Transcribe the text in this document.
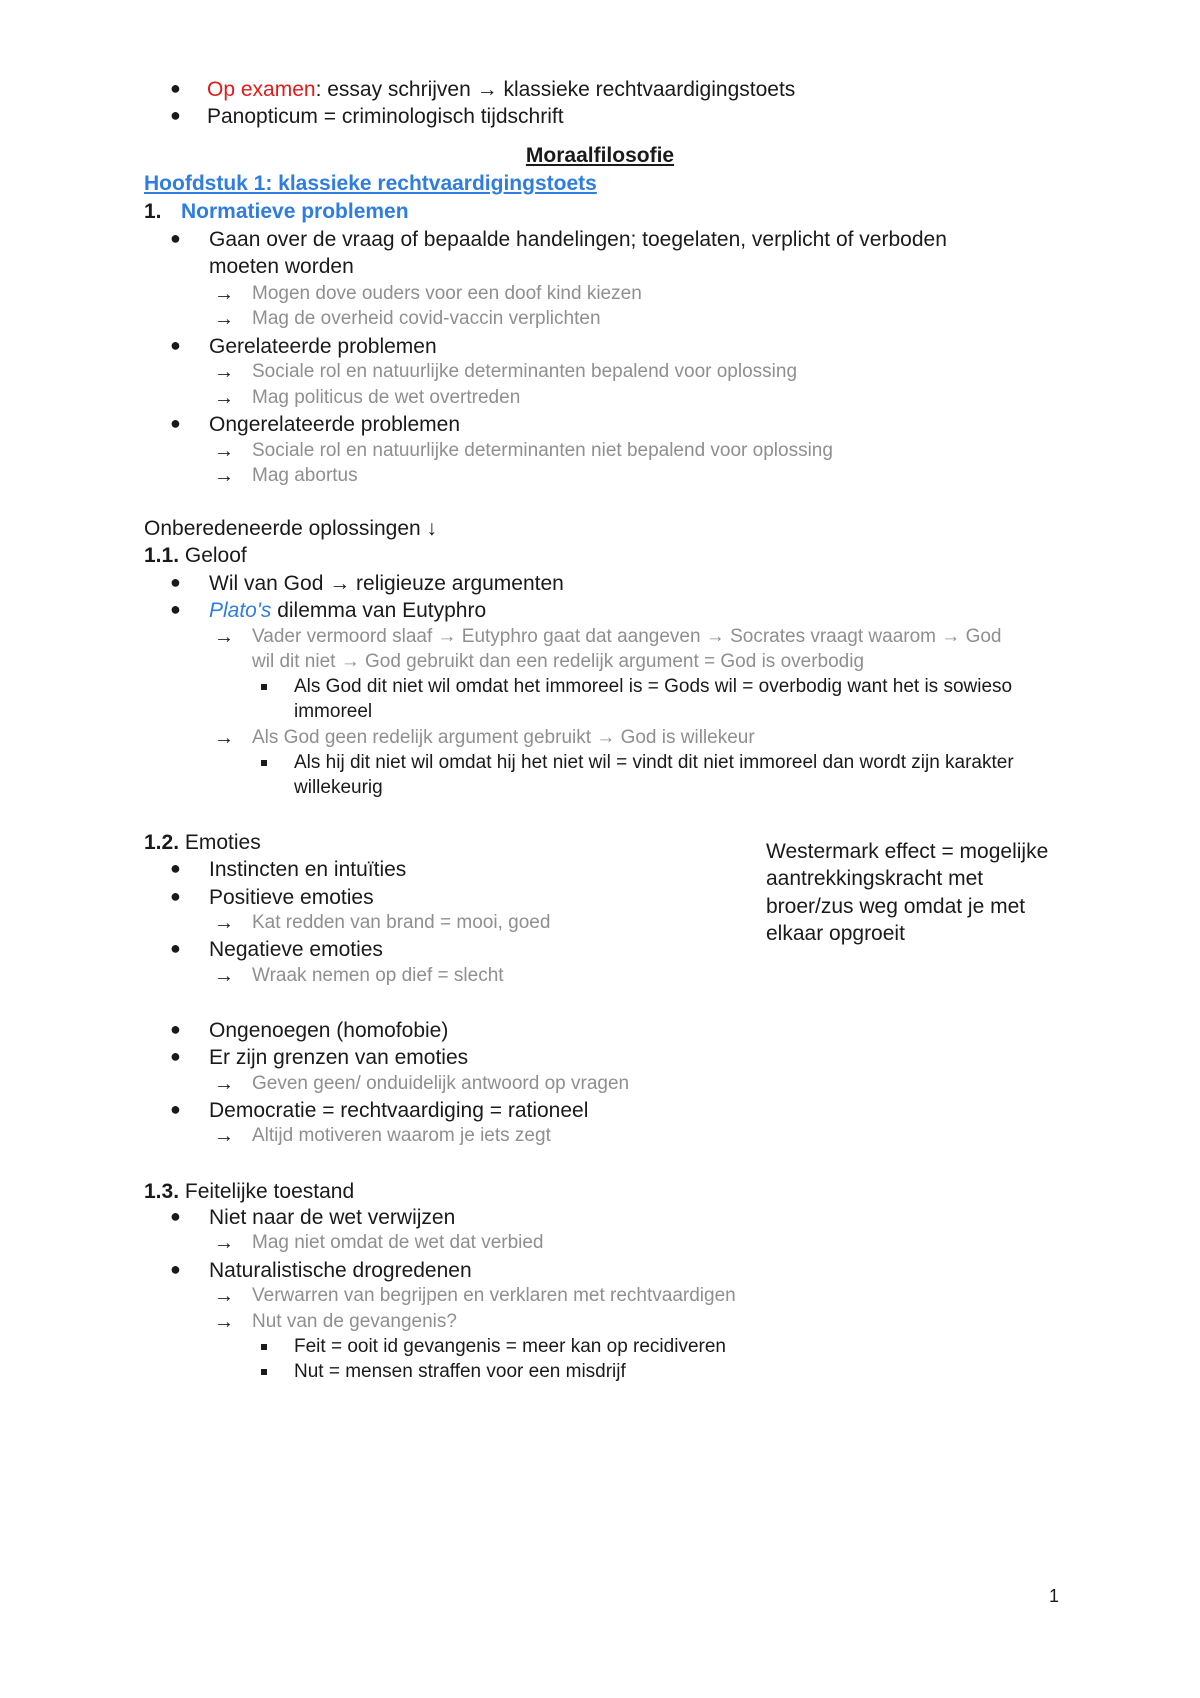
● Op examen: essay schrijven → klassieke rechtvaardigingstoets
● Panopticum = criminologisch tijdschrift
Moraalfilosofie
Hoofdstuk 1: klassieke rechtvaardigingstoets
1. Normatieve problemen
● Gaan over de vraag of bepaalde handelingen; toegelaten, verplicht of verboden
moeten worden
→ Mogen dove ouders voor een doof kind kiezen
→ Mag de overheid covid-vaccin verplichten
● Gerelateerde problemen
→ Sociale rol en natuurlijke determinanten bepalend voor oplossing
→ Mag politicus de wet overtreden
● Ongerelateerde problemen
→ Sociale rol en natuurlijke determinanten niet bepalend voor oplossing
→ Mag abortus
Onberedeneerde oplossingen ↓
1.1. Geloof
● Wil van God → religieuze argumenten
● Plato's dilemma van Eutyphro
→ Vader vermoord slaaf → Eutyphro gaat dat aangeven → Socrates vraagt waarom → God
wil dit niet → God gebruikt dan een redelijk argument = God is overbodig
Als God dit niet wil omdat het immoreel is = Gods wil = overbodig want het is sowieso
immoreel
→ Als God geen redelijk argument gebruikt → God is willekeur
Als hij dit niet wil omdat hij het niet wil = vindt dit niet immoreel dan wordt zijn karakter
willekeurig
1.2. Emoties
● Instincten en intuïties
● Positieve emoties
→ Kat redden van brand = mooi, goed
● Negatieve emoties
→ Wraak nemen op dief = slecht
● Ongenoegen (homofobie)
● Er zijn grenzen van emoties
→ Geven geen/ onduidelijk antwoord op vragen
● Democratie = rechtvaardiging = rationeel
→ Altijd motiveren waarom je iets zegt
Westermark effect = mogelijke
aantrekkingskracht met
broer/zus weg omdat je met
elkaar opgroeit
1.3. Feitelijke toestand
● Niet naar de wet verwijzen
→ Mag niet omdat de wet dat verbied
● Naturalistische drogredenen
→ Verwarren van begrijpen en verklaren met rechtvaardigen
→ Nut van de gevangenis?
Feit = ooit id gevangenis = meer kan op recidiveren
Nut = mensen straffen voor een misdrijf
1
